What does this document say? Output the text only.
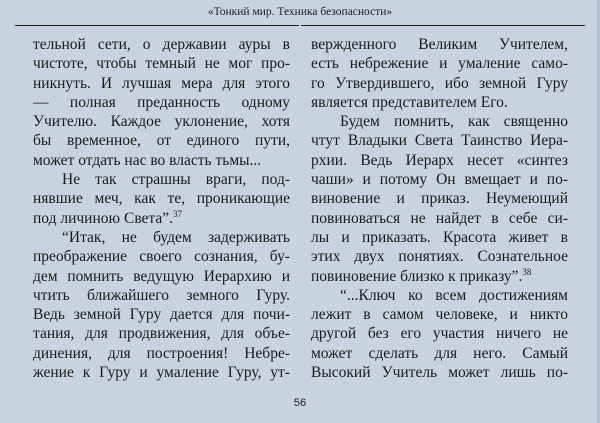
«Тонкий мир. Техника безопасности»
тельной сети, о державии ауры в
чистоте, чтобы темный не мог про-
никнуть. И лучшая мера для этого
— полная преданность одному
Учителю. Каждое уклонение, хотя
бы временное, от единого пути,
может отдать нас во власть тьмы...
Не так страшны враги, под-
нявшие меч, как те, проникающие
под личиною Света”.$^{37}$
“Итак, не будем задерживать
преображение своего сознания, бу-
дем помнить ведущую Иерархию и
чтить ближайшего земного Гуру.
Ведь земной Гуру дается для почи-
тания, для продвижения, для объе-
динения, для построения! Небре-
жение к Гуру и умаление Гуру, ут-
вержденного Великим Учителем,
есть небрежение и умаление само-
го Утвердившего, ибо земной Гуру
является представителем Его.
Будем помнить, как священно
чтут Владыки Света Таинство Иера-
рхии. Ведь Иерарх несет «синтез
чаши» и потому Он вмещает и по-
виновение и приказ. Неумеющий
повиноваться не найдет в себе си-
лы и приказать. Красота живет в
этих двух понятиях. Сознательное
повиновение близко к приказу”.$^{38}$
“...Ключ ко всем достижениям
лежит в самом человеке, и никто
другой без его участия ничего не
может сделать для него. Самый
Высокий Учитель может лишь по-
56
